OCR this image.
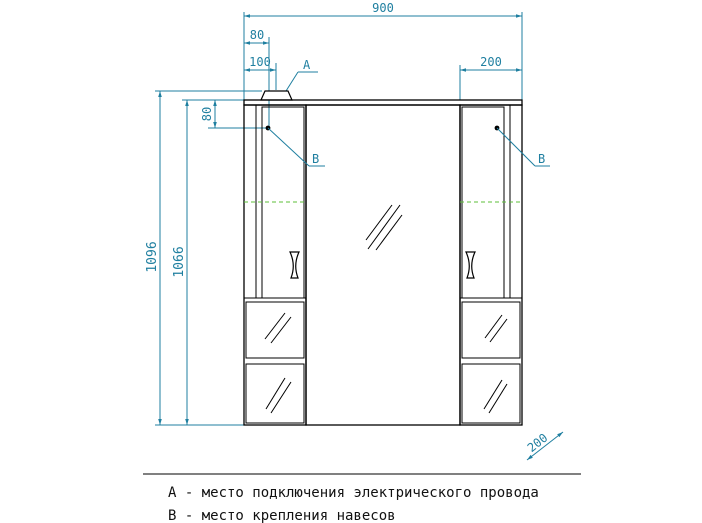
900
80
100	200
1096 1066
80
200
А
В	В
А - место подключения электрического провода
В - место крепления навесов
